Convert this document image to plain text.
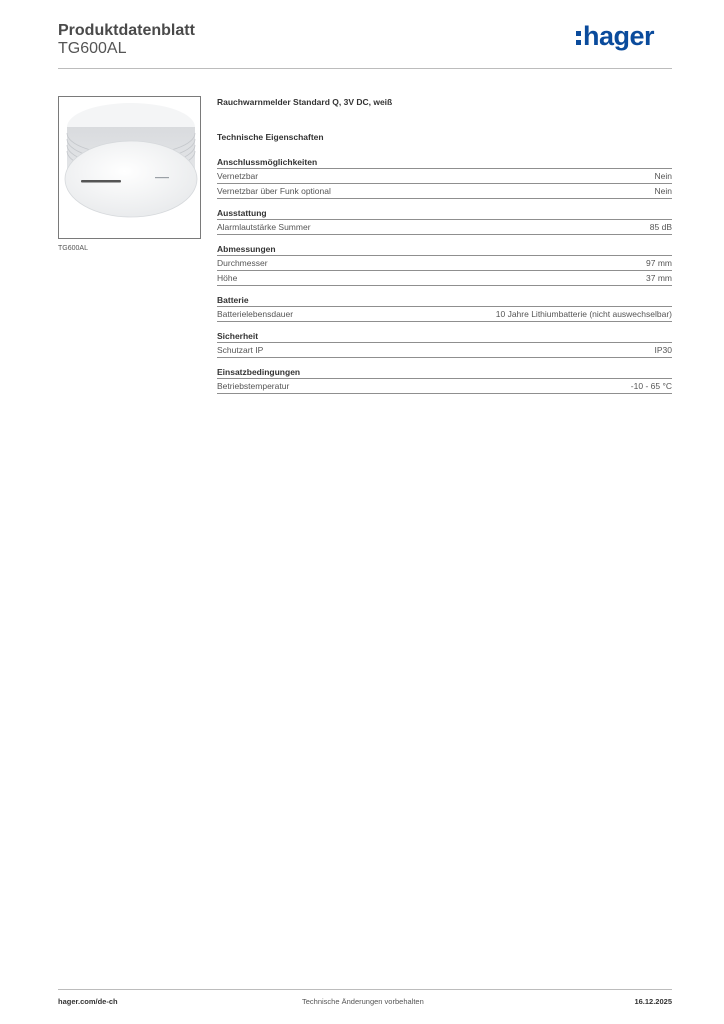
Produktdatenblatt
TG600AL	hager
TG600AL
Rauchwarnmelder Standard Q, 3V DC, weiß
Technische Eigenschaften
Anschlussmöglichkeiten
Vernetzbar	Nein
Vernetzbar über Funk optional	Nein
Ausstattung
Alarmlautstärke Summer	85 dB
Abmessungen
Durchmesser	97 mm
Höhe	37 mm
Batterie
Batterielebensdauer	10 Jahre Lithiumbatterie (nicht auswechselbar)
Sicherheit
Schutzart IP	IP30
Einsatzbedingungen
Betriebstemperatur	-10 - 65 °C
hager.com/de-ch	Technische Änderungen vorbehalten	16.12.2025
